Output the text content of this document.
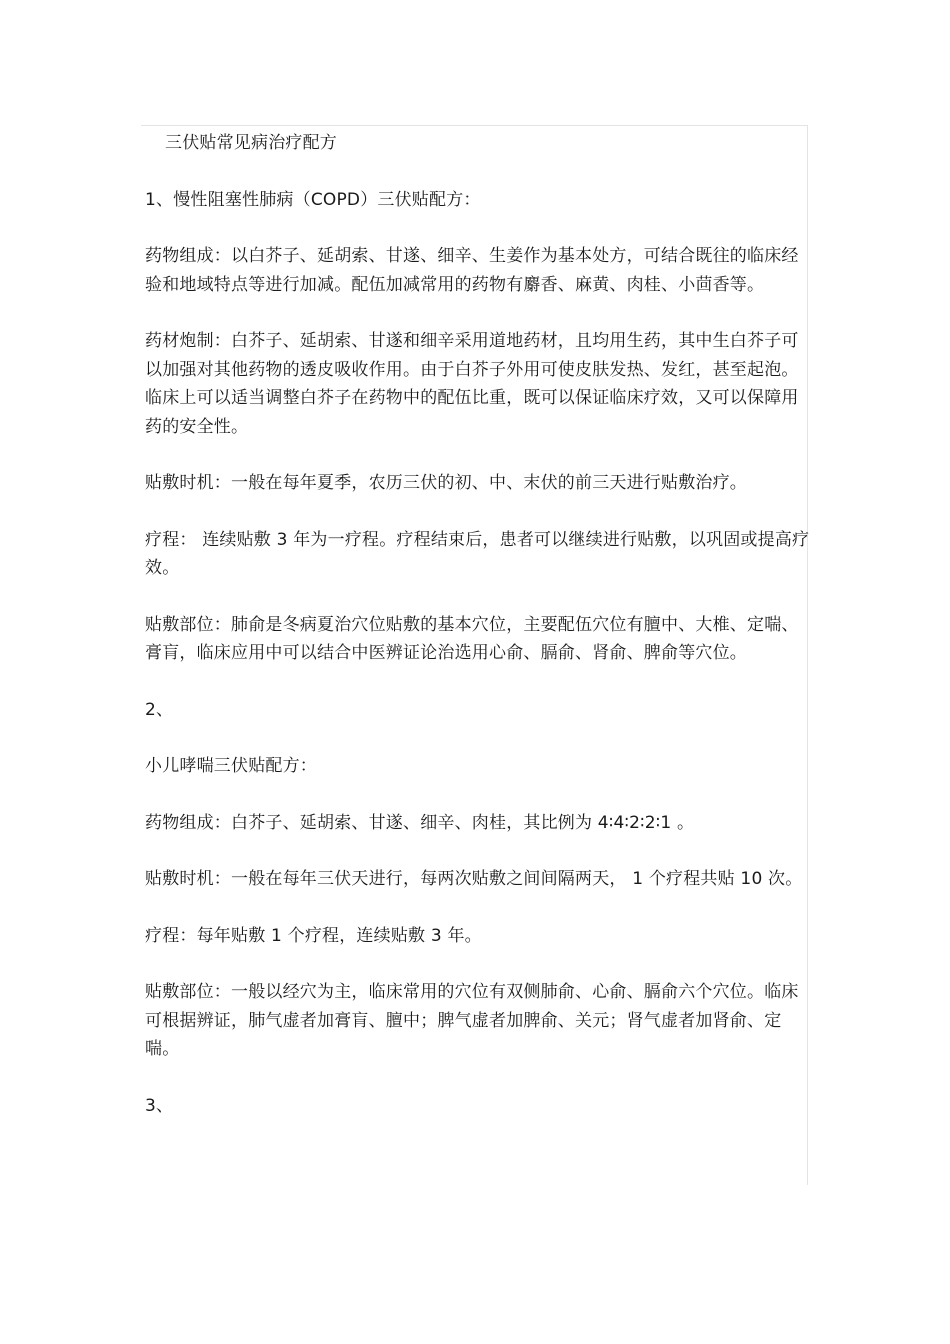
三伏贴常见病治疗配方
1、慢性阻塞性肺病（COPD）三伏贴配方：

药物组成：以白芥子、延胡索、甘遂、细辛、生姜作为基本处方，可结合既往的临床经验和地域特点等进行加减。配伍加减常用的药物有麝香、麻黄、肉桂、小茴香等。

药材炮制：白芥子、延胡索、甘遂和细辛采用道地药材，且均用生药，其中生白芥子可以加强对其他药物的透皮吸收作用。由于白芥子外用可使皮肤发热、发红，甚至起泡。临床上可以适当调整白芥子在药物中的配伍比重，既可以保证临床疗效，又可以保障用药的安全性。

贴敷时机：一般在每年夏季，农历三伏的初、中、末伏的前三天进行贴敷治疗。

疗程： 连续贴敷 3 年为一疗程。疗程结束后，患者可以继续进行贴敷，以巩固或提高疗效。

贴敷部位：肺俞是冬病夏治穴位贴敷的基本穴位，主要配伍穴位有膻中、大椎、定喘、膏肓，临床应用中可以结合中医辨证论治选用心俞、膈俞、肾俞、脾俞等穴位。

2、

小儿哮喘三伏贴配方：

药物组成：白芥子、延胡索、甘遂、细辛、肉桂，其比例为 4∶4∶2∶2∶1 。

贴敷时机：一般在每年三伏天进行，每两次贴敷之间间隔两天， 1 个疗程共贴 10 次。

疗程：每年贴敷 1 个疗程，连续贴敷 3 年。

贴敷部位：一般以经穴为主，临床常用的穴位有双侧肺俞、心俞、膈俞六个穴位。临床可根据辨证，肺气虚者加膏肓、膻中；脾气虚者加脾俞、关元；肾气虚者加肾俞、定喘。

3、
